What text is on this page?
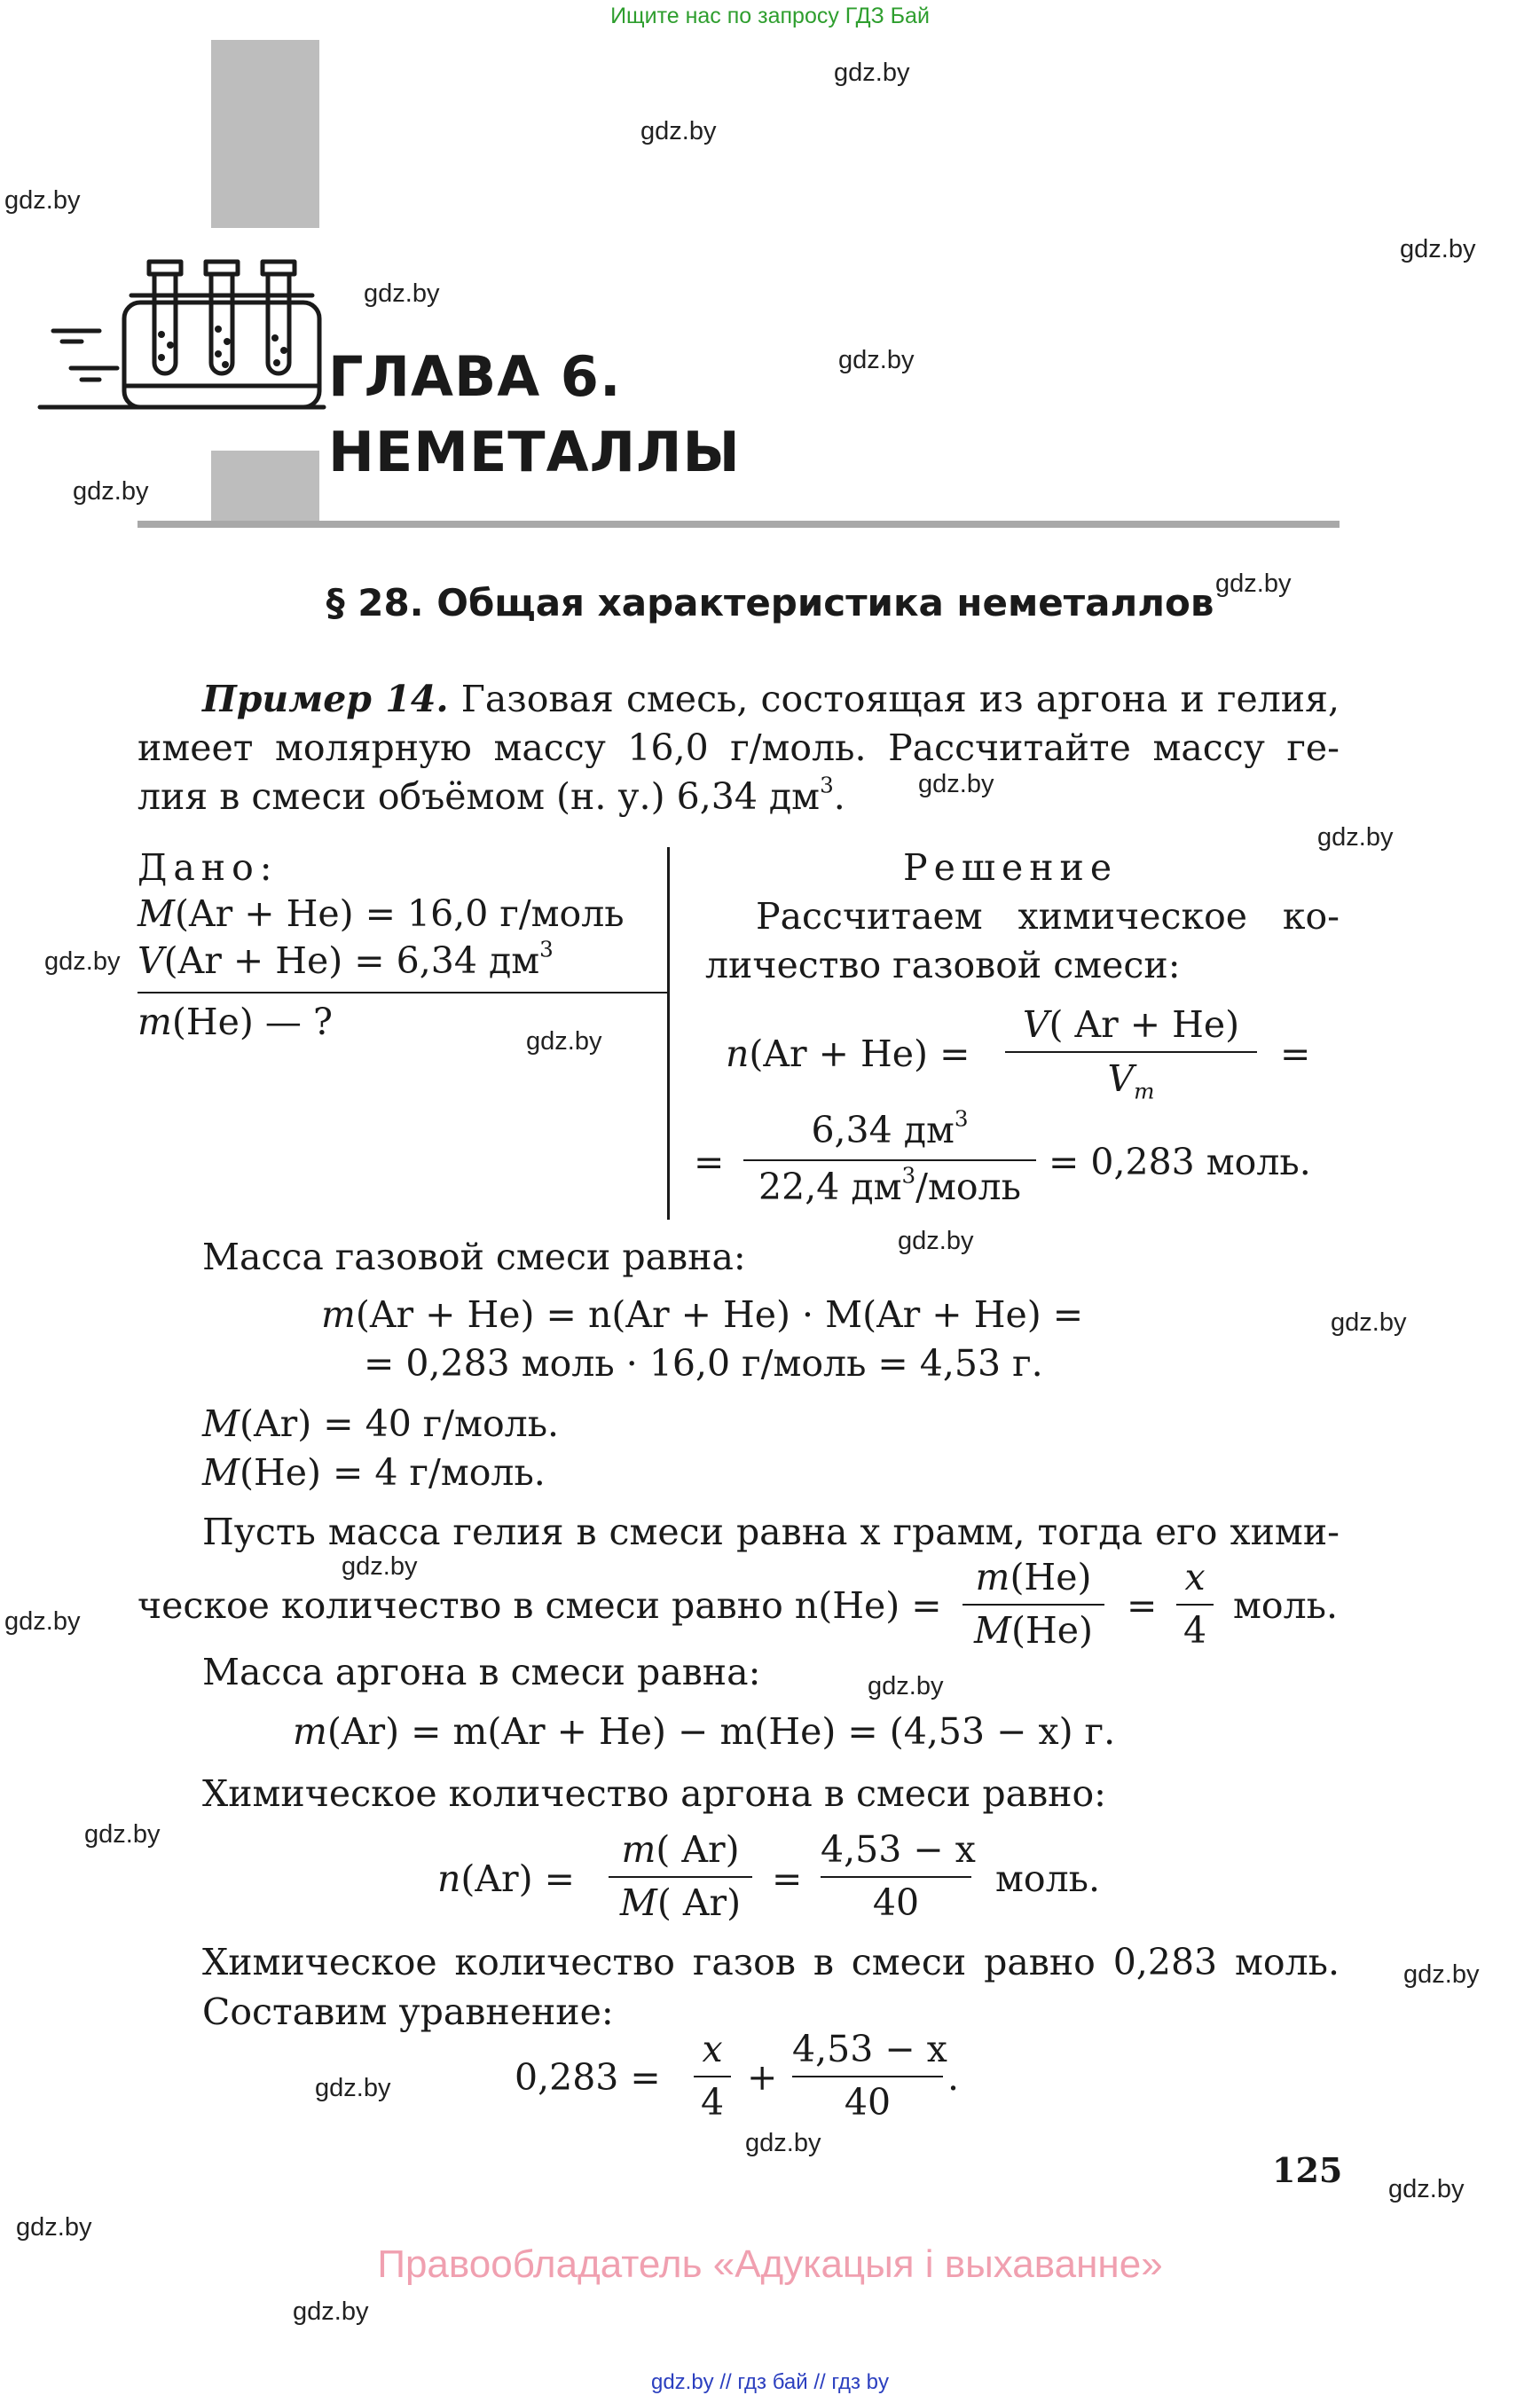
Ищите нас по запросу ГДЗ Бай
gdz.by
gdz.by
gdz.by
gdz.by
gdz.by
gdz.by
gdz.by
gdz.by
gdz.by
gdz.by
gdz.by
gdz.by
gdz.by
gdz.by
gdz.by
gdz.by
gdz.by
gdz.by
gdz.by
gdz.by
gdz.by
gdz.by
gdz.by
gdz.by
ГЛАВА 6.
НЕМЕТАЛЛЫ
§ 28. Общая характеристика неметаллов
Пример 14. Газовая смесь, состоящая из аргона и гелия,
имеет молярную массу 16,0 г/моль. Рассчитайте массу ге-
лия в смеси объёмом (н. у.) 6,34 $дм^3$.
Дано:
M(Ar + He) = 16,0 г/моль
V(Ar + He) = 6,34 $дм^3$
m(He) — ?
Решение
Рассчитаем химическое ко-
личество газовой смеси:
n(Ar + He) =
V( Ar + He)
$V_m$
=
=
6,34 $дм^3$
22,4 $дм^3$/моль
= 0,283 моль.
Масса газовой смеси равна:
m(Ar + He) = n(Ar + He) · M(Ar + He) =
= 0,283 моль · 16,0 г/моль = 4,53 г.
M(Ar) = 40 г/моль.
M(He) = 4 г/моль.
Пусть масса гелия в смеси равна x грамм, тогда его хими-
ческое количество в смеси равно n(He) =
m(He)
M(He)
=
x
4
моль.
Масса аргона в смеси равна:
m(Ar) = m(Ar + He) − m(He) = (4,53 − x) г.
Химическое количество аргона в смеси равно:
n(Ar) =
m( Ar)
M( Ar)
=
4,53 − x
40
моль.
Химическое количество газов в смеси равно 0,283 моль.
Составим уравнение:
0,283 =
x
4
+
4,53 − x
40
.
125
Правообладатель «Адукацыя і выхаванне»
gdz.by // гдз бай // гдз by
